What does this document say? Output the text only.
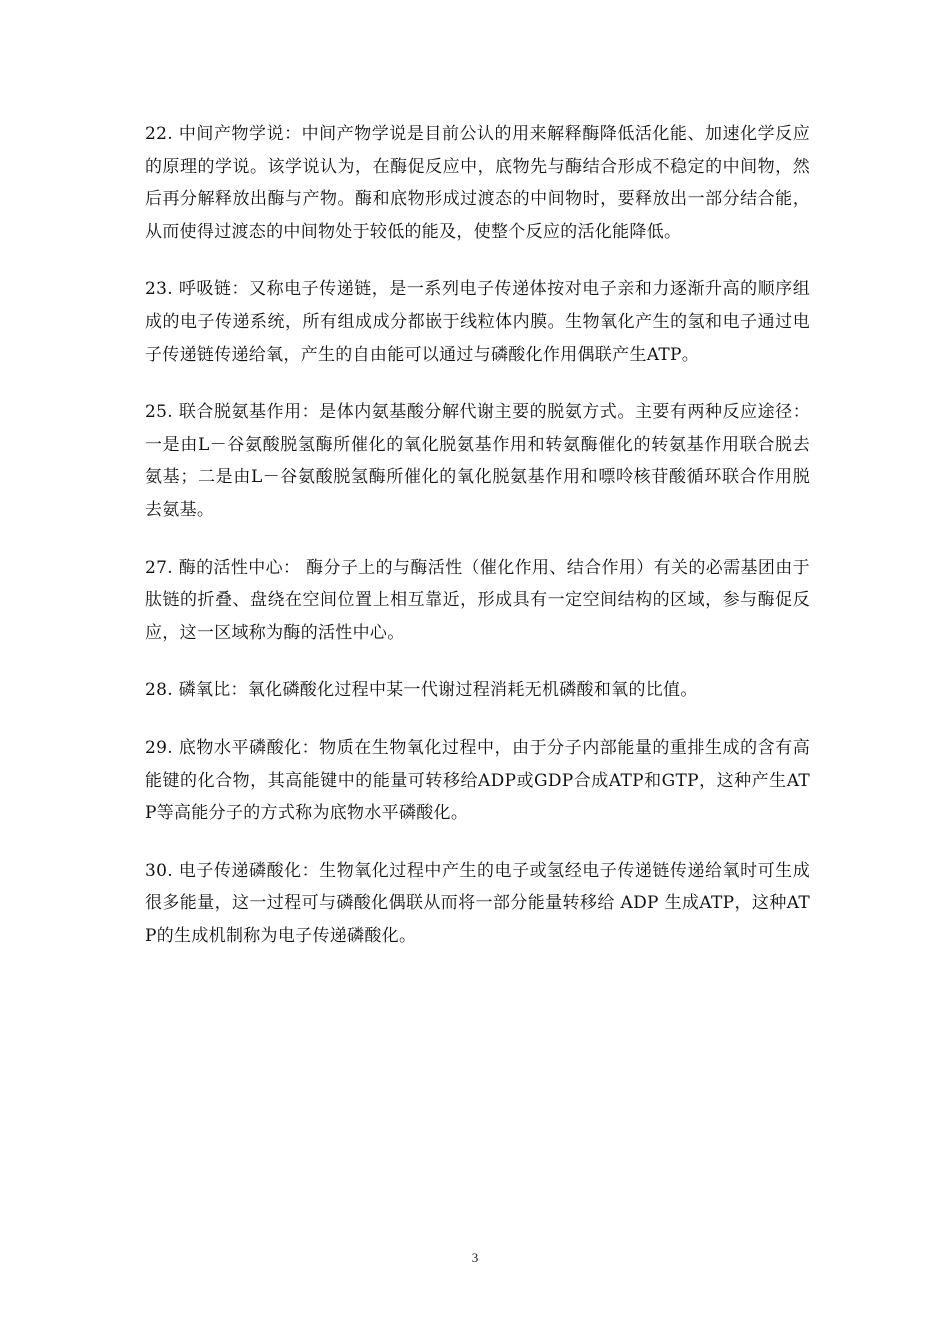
22. 中间产物学说：中间产物学说是目前公认的用来解释酶降低活化能、加速化学反应的原理的学说。该学说认为，在酶促反应中，底物先与酶结合形成不稳定的中间物，然后再分解释放出酶与产物。酶和底物形成过渡态的中间物时，要释放出一部分结合能，从而使得过渡态的中间物处于较低的能及，使整个反应的活化能降低。

23. 呼吸链：又称电子传递链，是一系列电子传递体按对电子亲和力逐渐升高的顺序组成的电子传递系统，所有组成成分都嵌于线粒体内膜。生物氧化产生的氢和电子通过电子传递链传递给氧，产生的自由能可以通过与磷酸化作用偶联产生ATP。

25. 联合脱氨基作用：是体内氨基酸分解代谢主要的脱氨方式。主要有两种反应途径：一是由L－谷氨酸脱氢酶所催化的氧化脱氨基作用和转氨酶催化的转氨基作用联合脱去氨基；二是由L－谷氨酸脱氢酶所催化的氧化脱氨基作用和嘌呤核苷酸循环联合作用脱去氨基。

27. 酶的活性中心： 酶分子上的与酶活性（催化作用、结合作用）有关的必需基团由于肽链的折叠、盘绕在空间位置上相互靠近，形成具有一定空间结构的区域，参与酶促反应，这一区域称为酶的活性中心。

28. 磷氧比：氧化磷酸化过程中某一代谢过程消耗无机磷酸和氧的比值。

29. 底物水平磷酸化：物质在生物氧化过程中，由于分子内部能量的重排生成的含有高能键的化合物，其高能键中的能量可转移给ADP或GDP合成ATP和GTP，这种产生ATP等高能分子的方式称为底物水平磷酸化。

30. 电子传递磷酸化：生物氧化过程中产生的电子或氢经电子传递链传递给氧时可生成很多能量，这一过程可与磷酸化偶联从而将一部分能量转移给 ADP 生成ATP，这种ATP的生成机制称为电子传递磷酸化。

3
